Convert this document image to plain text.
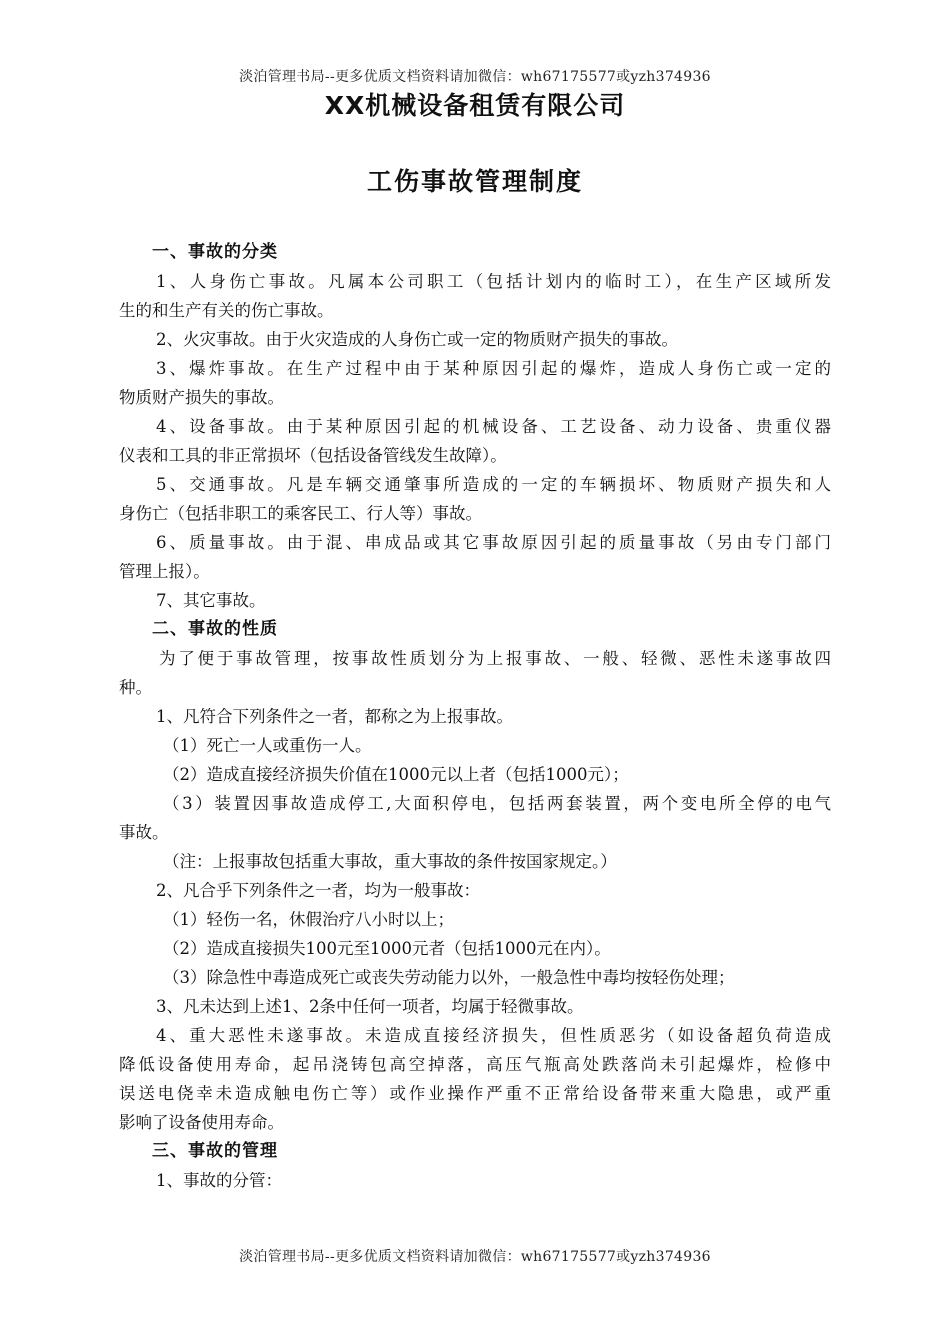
淡泊管理书局--更多优质文档资料请加微信：wh67175577或yzh374936
XX机械设备租赁有限公司
工伤事故管理制度
一、事故的分类
1、人身伤亡事故。凡属本公司职工（包括计划内的临时工），在生产区域所发
生的和生产有关的伤亡事故。
2、火灾事故。由于火灾造成的人身伤亡或一定的物质财产损失的事故。
3、爆炸事故。在生产过程中由于某种原因引起的爆炸，造成人身伤亡或一定的
物质财产损失的事故。
4、设备事故。由于某种原因引起的机械设备、工艺设备、动力设备、贵重仪器
仪表和工具的非正常损坏（包括设备管线发生故障）。
5、交通事故。凡是车辆交通肇事所造成的一定的车辆损坏、物质财产损失和人
身伤亡（包括非职工的乘客民工、行人等）事故。
6、质量事故。由于混、串成品或其它事故原因引起的质量事故（另由专门部门
管理上报）。
7、其它事故。
二、事故的性质
为了便于事故管理，按事故性质划分为上报事故、一般、轻微、恶性未遂事故四
种。
1、凡符合下列条件之一者，都称之为上报事故。
（1）死亡一人或重伤一人。
（2）造成直接经济损失价值在1000元以上者（包括1000元）；
（3）装置因事故造成停工,大面积停电，包括两套装置，两个变电所全停的电气
事故。
（注：上报事故包括重大事故，重大事故的条件按国家规定。）
2、凡合乎下列条件之一者，均为一般事故：
（1）轻伤一名，休假治疗八小时以上；
（2）造成直接损失100元至1000元者（包括1000元在内）。
（3）除急性中毒造成死亡或丧失劳动能力以外，一般急性中毒均按轻伤处理；
3、凡未达到上述1、2条中任何一项者，均属于轻微事故。
4、重大恶性未遂事故。未造成直接经济损失，但性质恶劣（如设备超负荷造成
降低设备使用寿命，起吊浇铸包高空掉落，高压气瓶高处跌落尚未引起爆炸，检修中
误送电侥幸未造成触电伤亡等）或作业操作严重不正常给设备带来重大隐患，或严重
影响了设备使用寿命。
三、事故的管理
1、事故的分管：
淡泊管理书局--更多优质文档资料请加微信：wh67175577或yzh374936
